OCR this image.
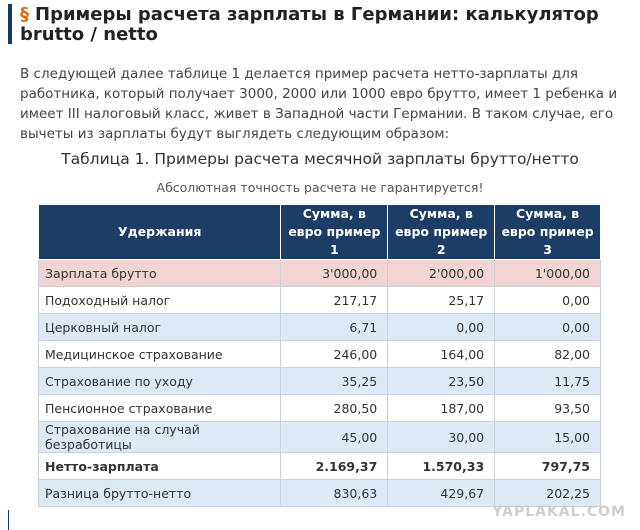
§ Примеры расчета зарплаты в Германии: калькулятор brutto / netto
В следующей далее таблице 1 делается пример расчета нетто-зарплаты для работника, который получает 3000, 2000 или 1000 евро брутто, имеет 1 ребенка и имеет III налоговый класс, живет в Западной части Германии. В таком случае, его вычеты из зарплаты будут выглядеть следующим образом:
Таблица 1. Примеры расчета месячной зарплаты брутто/нетто
Абсолютная точность расчета не гарантируется!
Удержания	Сумма, в евро пример 1	Сумма, в евро пример 2	Сумма, в евро пример 3
Зарплата брутто	3'000,00	2'000,00	1'000,00
Подоходный налог	217,17	25,17	0,00
Церковный налог	6,71	0,00	0,00
Медицинское страхование	246,00	164,00	82,00
Страхование по уходу	35,25	23,50	11,75
Пенсионное страхование	280,50	187,00	93,50
Страхование на случай безработицы	45,00	30,00	15,00
Нетто-зарплата	2.169,37	1.570,33	797,75
Разница брутто-нетто	830,63	429,67	202,25
YAPLAKAL.COM
